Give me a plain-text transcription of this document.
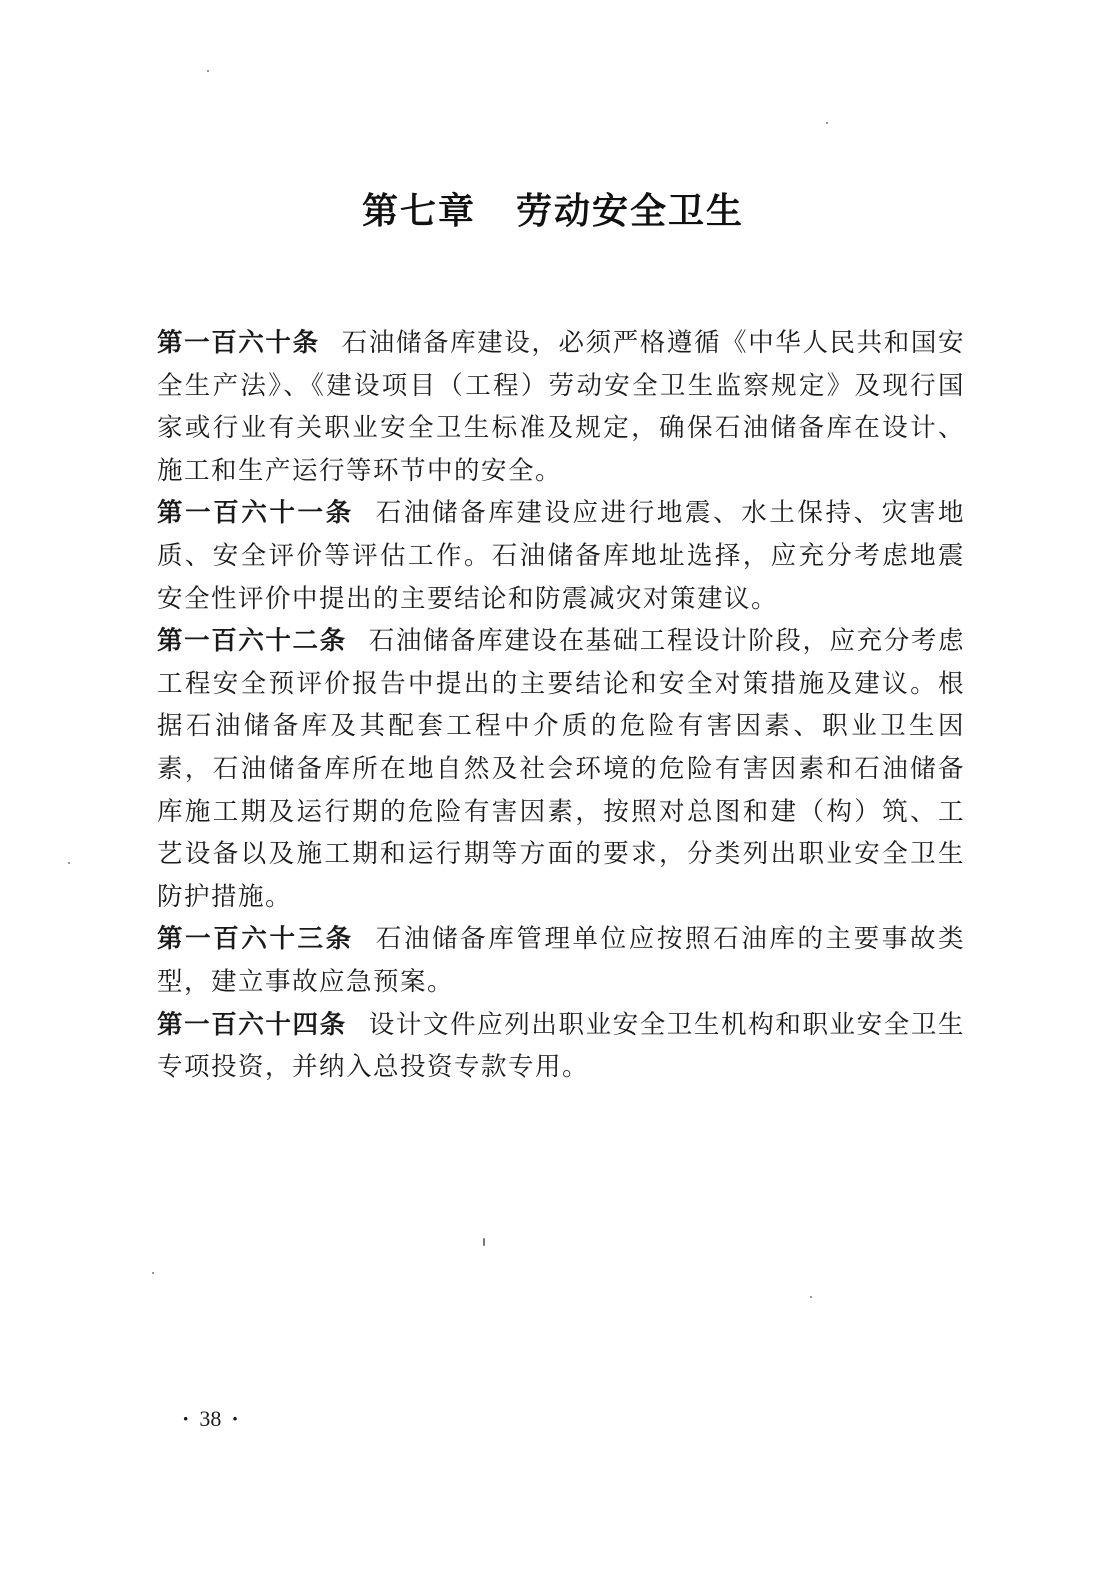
第七章 劳动安全卫生

第一百六十条 石油储备库建设，必须严格遵循《中华人民共和国安全生产法》、《建设项目（工程）劳动安全卫生监察规定》及现行国家或行业有关职业安全卫生标准及规定，确保石油储备库在设计、施工和生产运行等环节中的安全。

第一百六十一条 石油储备库建设应进行地震、水土保持、灾害地质、安全评价等评估工作。石油储备库地址选择，应充分考虑地震安全性评价中提出的主要结论和防震减灾对策建议。

第一百六十二条 石油储备库建设在基础工程设计阶段，应充分考虑工程安全预评价报告中提出的主要结论和安全对策措施及建议。根据石油储备库及其配套工程中介质的危险有害因素、职业卫生因素，石油储备库所在地自然及社会环境的危险有害因素和石油储备库施工期及运行期的危险有害因素，按照对总图和建（构）筑、工艺设备以及施工期和运行期等方面的要求，分类列出职业安全卫生防护措施。

第一百六十三条 石油储备库管理单位应按照石油库的主要事故类型，建立事故应急预案。

第一百六十四条 设计文件应列出职业安全卫生机构和职业安全卫生专项投资，并纳入总投资专款专用。

· 38 ·
